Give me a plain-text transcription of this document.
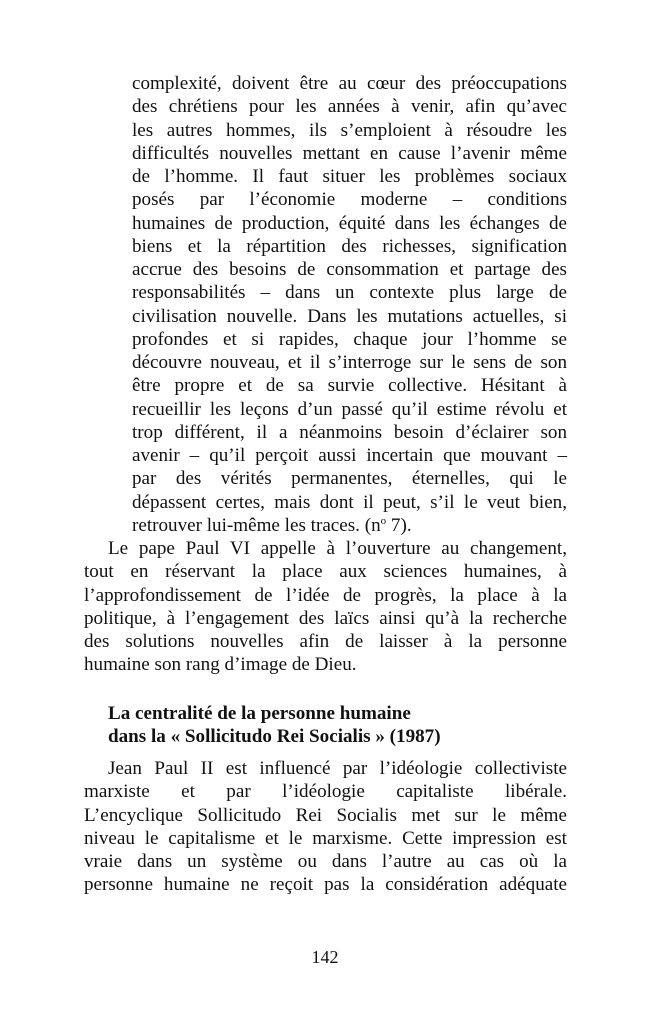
complexité, doivent être au cœur des préoccupations
des chrétiens pour les années à venir, afin qu’avec
les autres hommes, ils s’emploient à résoudre les
difficultés nouvelles mettant en cause l’avenir même
de l’homme. Il faut situer les problèmes sociaux
posés par l’économie moderne – conditions
humaines de production, équité dans les échanges de
biens et la répartition des richesses, signification
accrue des besoins de consommation et partage des
responsabilités – dans un contexte plus large de
civilisation nouvelle. Dans les mutations actuelles, si
profondes et si rapides, chaque jour l’homme se
découvre nouveau, et il s’interroge sur le sens de son
être propre et de sa survie collective. Hésitant à
recueillir les leçons d’un passé qu’il estime révolu et
trop différent, il a néanmoins besoin d’éclairer son
avenir – qu’il perçoit aussi incertain que mouvant –
par des vérités permanentes, éternelles, qui le
dépassent certes, mais dont il peut, s’il le veut bien,
retrouver lui-même les traces. ($n^o$ 7).
Le pape Paul VI appelle à l’ouverture au changement,
tout en réservant la place aux sciences humaines, à
l’approfondissement de l’idée de progrès, la place à la
politique, à l’engagement des laïcs ainsi qu’à la recherche
des solutions nouvelles afin de laisser à la personne
humaine son rang d’image de Dieu.
La centralité de la personne humaine
dans la « Sollicitudo Rei Socialis » (1987)
Jean Paul II est influencé par l’idéologie collectiviste
marxiste et par l’idéologie capitaliste libérale.
L’encyclique Sollicitudo Rei Socialis met sur le même
niveau le capitalisme et le marxisme. Cette impression est
vraie dans un système ou dans l’autre au cas où la
personne humaine ne reçoit pas la considération adéquate
142
